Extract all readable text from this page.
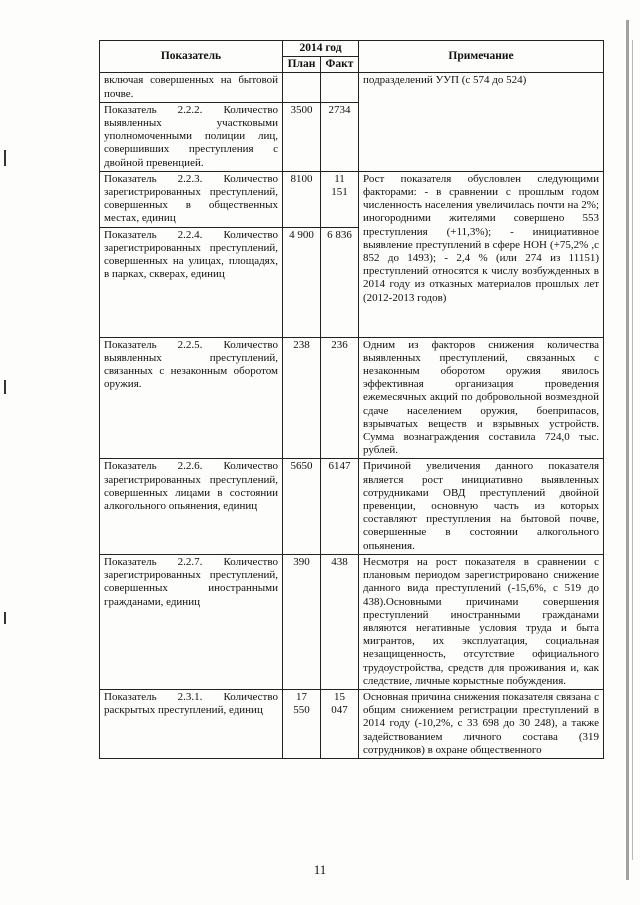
Показатель	2014 год		Примечание
	План	Факт	
включая совершенных на бытовой почве.			подразделений УУП (с 574 до 524)
Показатель 2.2.2. Количество выявленных участковыми уполномоченными полиции лиц, совершивших преступления с двойной превенцией.	3500	2734	
Показатель 2.2.3. Количество зарегистрированных преступлений, совершенных в общественных местах, единиц	8100	11 151	Рост показателя обусловлен следующими факторами: - в сравнении с прошлым годом численность населения увеличилась почти на 2%; иногородними жителями совершено 553 преступления (+11,3%); - инициативное выявление преступлений в сфере НОН (+75,2% ,с 852 до 1493); - 2,4 % (или 274 из 11151) преступлений относятся к числу возбужденных в 2014 году из отказных материалов прошлых лет (2012-2013 годов)
Показатель 2.2.4. Количество зарегистрированных преступлений, совершенных на улицах, площадях, в парках, скверах, единиц	4 900	6 836	
Показатель 2.2.5. Количество выявленных преступлений, связанных с незаконным оборотом оружия.	238	236	Одним из факторов снижения количества выявленных преступлений, связанных с незаконным оборотом оружия явилось эффективная организация проведения ежемесячных акций по добровольной возмездной сдаче населением оружия, боеприпасов, взрывчатых веществ и взрывных устройств. Сумма вознаграждения составила 724,0 тыс. рублей.
Показатель 2.2.6. Количество зарегистрированных преступлений, совершенных лицами в состоянии алкогольного опьянения, единиц	5650	6147	Причиной увеличения данного показателя является рост инициативно выявленных сотрудниками ОВД преступлений двойной превенции, основную часть из которых составляют преступления на бытовой почве, совершенные в состоянии алкогольного опьянения.
Показатель 2.2.7. Количество зарегистрированных преступлений, совершенных иностранными гражданами, единиц	390	438	Несмотря на рост показателя в сравнении с плановым периодом зарегистрировано снижение данного вида преступлений (-15,6%, с 519 до 438).Основными причинами совершения преступлений иностранными гражданами являются негативные условия труда и быта мигрантов, их эксплуатация, социальная незащищенность, отсутствие официального трудоустройства, средств для проживания и, как следствие, личные корыстные побуждения.
Показатель 2.3.1. Количество раскрытых преступлений, единиц	17 550	15 047	Основная причина снижения показателя связана с общим снижением регистрации преступлений в 2014 году (-10,2%, с 33 698 до 30 248), а также задействованием личного состава (319 сотрудников) в охране общественного
11
